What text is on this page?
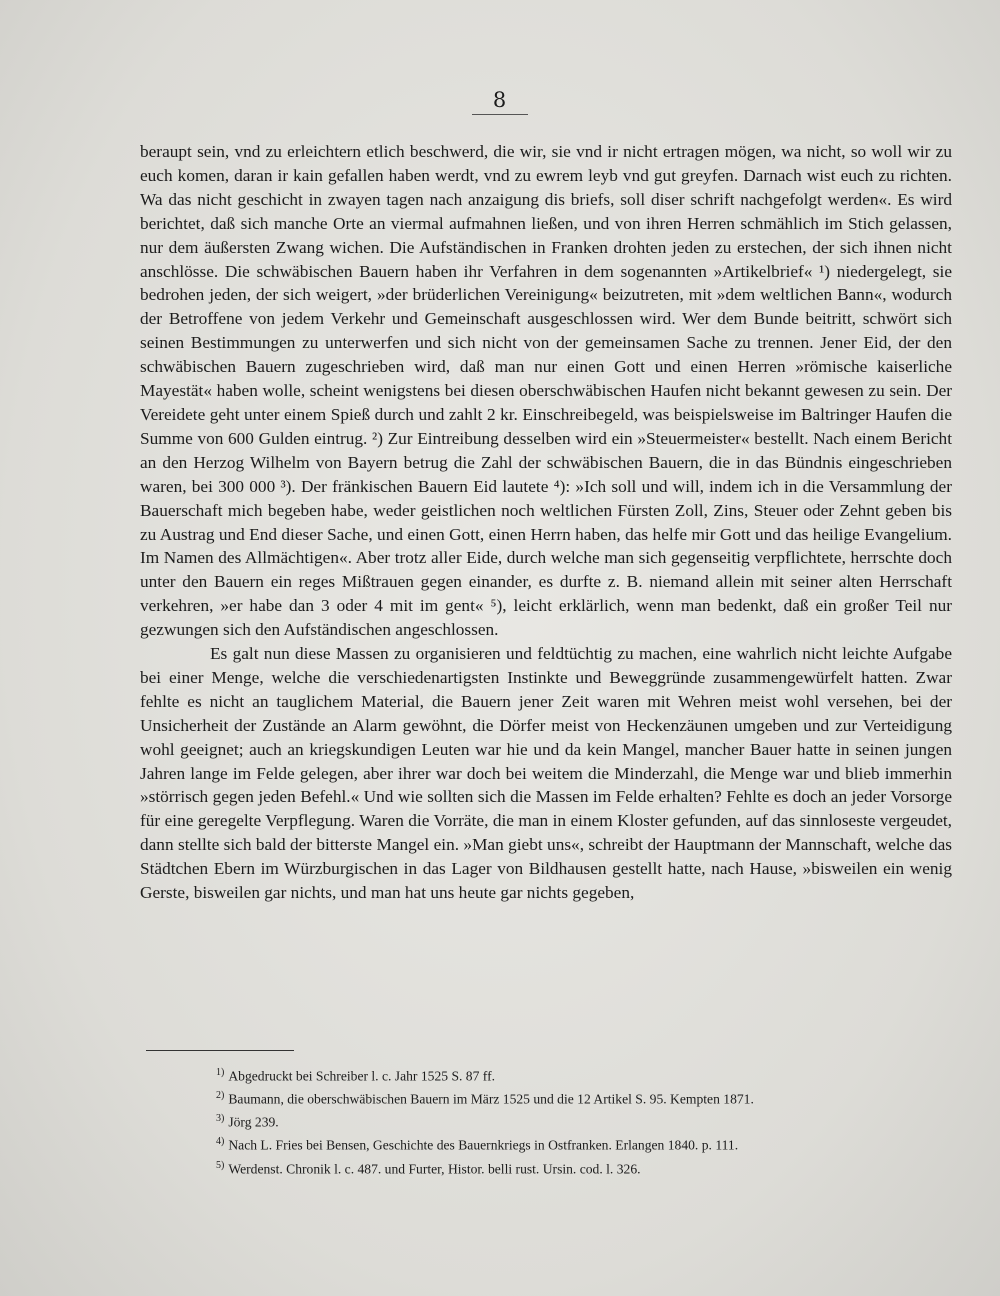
8

beraupt sein, vnd zu erleichtern etlich beschwerd, die wir, sie vnd ir nicht ertragen mögen, wa nicht, so woll wir zu euch komen, daran ir kain gefallen haben werdt, vnd zu ewrem leyb vnd gut greyfen. Darnach wist euch zu richten. Wa das nicht geschicht in zwayen tagen nach anzaigung dis briefs, soll diser schrift nachgefolgt werden«. Es wird berichtet, daß sich manche Orte an viermal aufmahnen ließen, und von ihren Herren schmählich im Stich gelassen, nur dem äußersten Zwang wichen. Die Aufständischen in Franken drohten jeden zu erstechen, der sich ihnen nicht anschlösse. Die schwäbischen Bauern haben ihr Verfahren in dem sogenannten »Artikelbrief« ¹) niedergelegt, sie bedrohen jeden, der sich weigert, »der brüderlichen Vereinigung« beizutreten, mit »dem weltlichen Bann«, wodurch der Betroffene von jedem Verkehr und Gemeinschaft ausgeschlossen wird. Wer dem Bunde beitritt, schwört sich seinen Bestimmungen zu unterwerfen und sich nicht von der gemeinsamen Sache zu trennen. Jener Eid, der den schwäbischen Bauern zugeschrieben wird, daß man nur einen Gott und einen Herren »römische kaiserliche Mayestät« haben wolle, scheint wenigstens bei diesen oberschwäbischen Haufen nicht bekannt gewesen zu sein. Der Vereidete geht unter einem Spieß durch und zahlt 2 kr. Einschreibegeld, was beispielsweise im Baltringer Haufen die Summe von 600 Gulden eintrug. ²) Zur Eintreibung desselben wird ein »Steuermeister« bestellt. Nach einem Bericht an den Herzog Wilhelm von Bayern betrug die Zahl der schwäbischen Bauern, die in das Bündnis eingeschrieben waren, bei 300 000 ³). Der fränkischen Bauern Eid lautete ⁴): »Ich soll und will, indem ich in die Versammlung der Bauerschaft mich begeben habe, weder geistlichen noch weltlichen Fürsten Zoll, Zins, Steuer oder Zehnt geben bis zu Austrag und End dieser Sache, und einen Gott, einen Herrn haben, das helfe mir Gott und das heilige Evangelium. Im Namen des Allmächtigen«. Aber trotz aller Eide, durch welche man sich gegenseitig verpflichtete, herrschte doch unter den Bauern ein reges Mißtrauen gegen einander, es durfte z. B. niemand allein mit seiner alten Herrschaft verkehren, »er habe dan 3 oder 4 mit im gent« ⁵), leicht erklärlich, wenn man bedenkt, daß ein großer Teil nur gezwungen sich den Aufständischen angeschlossen.

Es galt nun diese Massen zu organisieren und feldtüchtig zu machen, eine wahrlich nicht leichte Aufgabe bei einer Menge, welche die verschiedenartigsten Instinkte und Beweggründe zusammengewürfelt hatten. Zwar fehlte es nicht an tauglichem Material, die Bauern jener Zeit waren mit Wehren meist wohl versehen, bei der Unsicherheit der Zustände an Alarm gewöhnt, die Dörfer meist von Heckenzäunen umgeben und zur Verteidigung wohl geeignet; auch an kriegskundigen Leuten war hie und da kein Mangel, mancher Bauer hatte in seinen jungen Jahren lange im Felde gelegen, aber ihrer war doch bei weitem die Minderzahl, die Menge war und blieb immerhin »störrisch gegen jeden Befehl.« Und wie sollten sich die Massen im Felde erhalten? Fehlte es doch an jeder Vorsorge für eine geregelte Verpflegung. Waren die Vorräte, die man in einem Kloster gefunden, auf das sinnloseste vergeudet, dann stellte sich bald der bitterste Mangel ein. »Man giebt uns«, schreibt der Hauptmann der Mannschaft, welche das Städtchen Ebern im Würzburgischen in das Lager von Bildhausen gestellt hatte, nach Hause, »bisweilen ein wenig Gerste, bisweilen gar nichts, und man hat uns heute gar nichts gegeben,

$^{1)}$ Abgedruckt bei Schreiber l. c. Jahr 1525 S. 87 ff.
$^{2)}$ Baumann, die oberschwäbischen Bauern im März 1525 und die 12 Artikel S. 95. Kempten 1871.
$^{3)}$ Jörg 239.
$^{4)}$ Nach L. Fries bei Bensen, Geschichte des Bauernkriegs in Ostfranken. Erlangen 1840. p. 111.
$^{5)}$ Werdenst. Chronik l. c. 487. und Furter, Histor. belli rust. Ursin. cod. l. 326.
